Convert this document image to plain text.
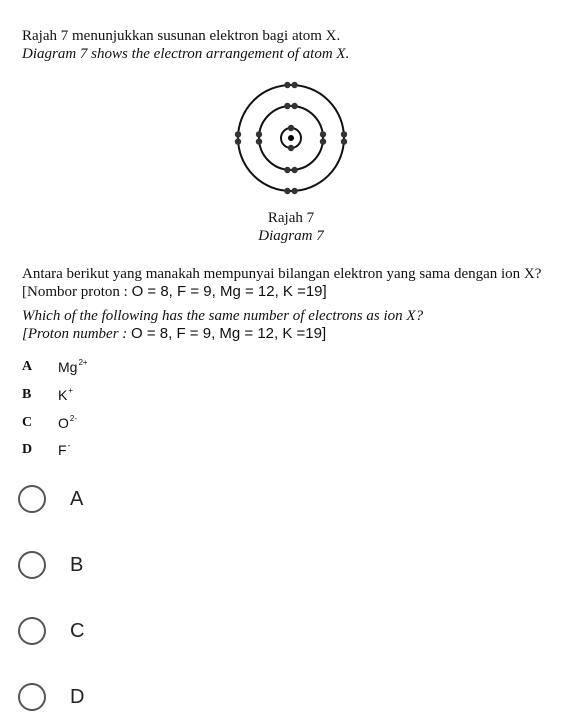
Rajah 7 menunjukkan susunan elektron bagi atom X.
Diagram 7 shows the electron arrangement of atom X.
Rajah 7
Diagram 7
Antara berikut yang manakah mempunyai bilangan elektron yang sama dengan ion X?
[Nombor proton : O = 8, F = 9, Mg = 12, K =19]
Which of the following has the same number of electrons as ion X?
[Proton number : O = 8, F = 9, Mg = 12, K =19]
A $Mg^{2+}$
B K+
C $O^{2-}$
D F-
A
B
C
D
